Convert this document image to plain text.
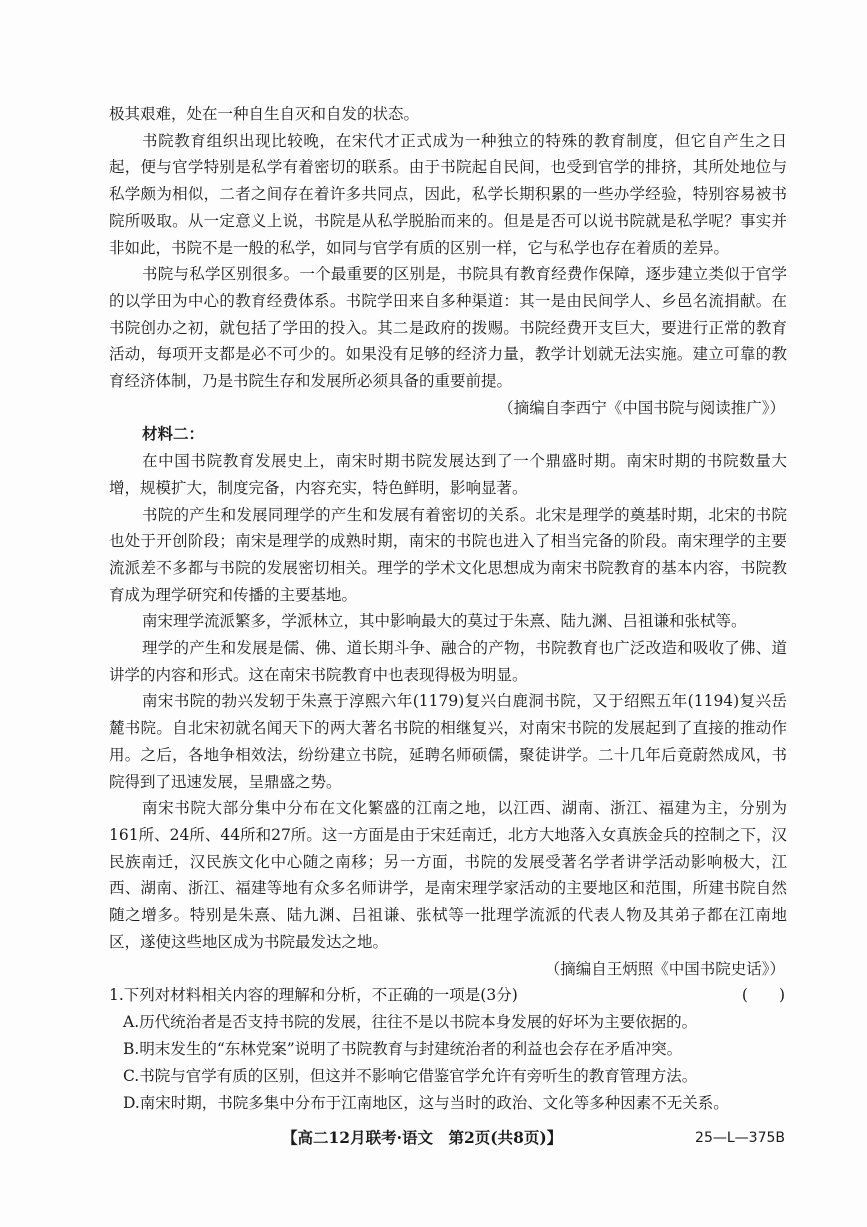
极其艰难，处在一种自生自灭和自发的状态。

书院教育组织出现比较晚，在宋代才正式成为一种独立的特殊的教育制度，但它自产生之日起，便与官学特别是私学有着密切的联系。由于书院起自民间，也受到官学的排挤，其所处地位与私学颇为相似，二者之间存在着许多共同点，因此，私学长期积累的一些办学经验，特别容易被书院所吸取。从一定意义上说，书院是从私学脱胎而来的。但是是否可以说书院就是私学呢？事实并非如此，书院不是一般的私学，如同与官学有质的区别一样，它与私学也存在着质的差异。

书院与私学区别很多。一个最重要的区别是，书院具有教育经费作保障，逐步建立类似于官学的以学田为中心的教育经费体系。书院学田来自多种渠道：其一是由民间学人、乡邑名流捐献。在书院创办之初，就包括了学田的投入。其二是政府的拨赐。书院经费开支巨大，要进行正常的教育活动，每项开支都是必不可少的。如果没有足够的经济力量，教学计划就无法实施。建立可靠的教育经济体制，乃是书院生存和发展所必须具备的重要前提。

（摘编自李西宁《中国书院与阅读推广》）

材料二：

在中国书院教育发展史上，南宋时期书院发展达到了一个鼎盛时期。南宋时期的书院数量大增，规模扩大，制度完备，内容充实，特色鲜明，影响显著。

书院的产生和发展同理学的产生和发展有着密切的关系。北宋是理学的奠基时期，北宋的书院也处于开创阶段；南宋是理学的成熟时期，南宋的书院也进入了相当完备的阶段。南宋理学的主要流派差不多都与书院的发展密切相关。理学的学术文化思想成为南宋书院教育的基本内容，书院教育成为理学研究和传播的主要基地。

南宋理学流派繁多，学派林立，其中影响最大的莫过于朱熹、陆九渊、吕祖谦和张栻等。

理学的产生和发展是儒、佛、道长期斗争、融合的产物，书院教育也广泛改造和吸收了佛、道讲学的内容和形式。这在南宋书院教育中也表现得极为明显。

南宋书院的勃兴发轫于朱熹于淳熙六年(1179)复兴白鹿洞书院，又于绍熙五年(1194)复兴岳麓书院。自北宋初就名闻天下的两大著名书院的相继复兴，对南宋书院的发展起到了直接的推动作用。之后，各地争相效法，纷纷建立书院，延聘名师硕儒，聚徒讲学。二十几年后竟蔚然成风，书院得到了迅速发展，呈鼎盛之势。

南宋书院大部分集中分布在文化繁盛的江南之地，以江西、湖南、浙江、福建为主，分别为161所、24所、44所和27所。这一方面是由于宋廷南迁，北方大地落入女真族金兵的控制之下，汉民族南迁，汉民族文化中心随之南移；另一方面，书院的发展受著名学者讲学活动影响极大，江西、湖南、浙江、福建等地有众多名师讲学，是南宋理学家活动的主要地区和范围，所建书院自然随之增多。特别是朱熹、陆九渊、吕祖谦、张栻等一批理学流派的代表人物及其弟子都在江南地区，遂使这些地区成为书院最发达之地。

（摘编自王炳照《中国书院史话》）

1.下列对材料相关内容的理解和分析，不正确的一项是(3分)	(　　)

A.历代统治者是否支持书院的发展，往往不是以书院本身发展的好坏为主要依据的。

B.明末发生的“东林党案”说明了书院教育与封建统治者的利益也会存在矛盾冲突。

C.书院与官学有质的区别，但这并不影响它借鉴官学允许有旁听生的教育管理方法。

D.南宋时期，书院多集中分布于江南地区，这与当时的政治、文化等多种因素不无关系。

【高二12月联考·语文　第2页(共8页)】	25—L—375B
